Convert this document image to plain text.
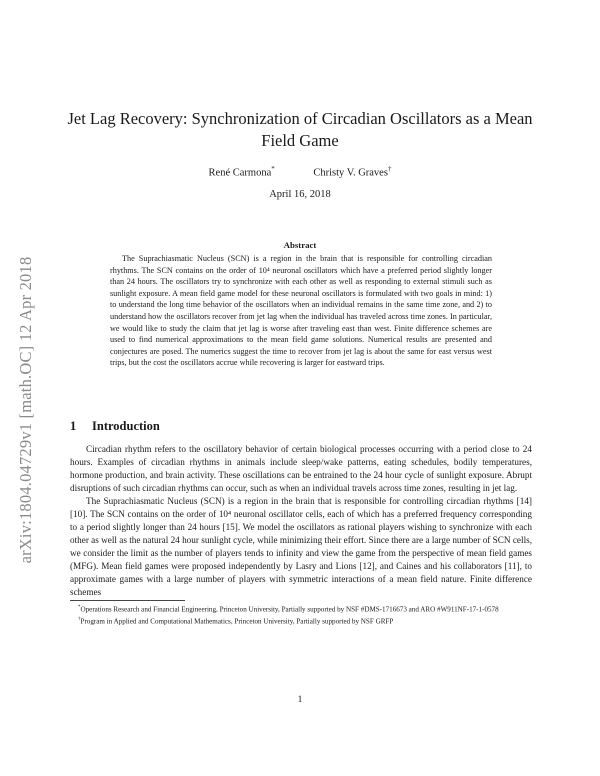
arXiv:1804.04729v1 [math.OC] 12 Apr 2018
Jet Lag Recovery: Synchronization of Circadian Oscillators as a Mean Field Game
René Carmona*	Christy V. Graves†
April 16, 2018
Abstract

The Suprachiasmatic Nucleus (SCN) is a region in the brain that is responsible for controlling circadian rhythms. The SCN contains on the order of 10⁴ neuronal oscillators which have a preferred period slightly longer than 24 hours. The oscillators try to synchronize with each other as well as responding to external stimuli such as sunlight exposure. A mean field game model for these neuronal oscillators is formulated with two goals in mind: 1) to understand the long time behavior of the oscillators when an individual remains in the same time zone, and 2) to understand how the oscillators recover from jet lag when the individual has traveled across time zones. In particular, we would like to study the claim that jet lag is worse after traveling east than west. Finite difference schemes are used to find numerical approximations to the mean field game solutions. Numerical results are presented and conjectures are posed. The numerics suggest the time to recover from jet lag is about the same for east versus west trips, but the cost the oscillators accrue while recovering is larger for eastward trips.

1 Introduction

Circadian rhythm refers to the oscillatory behavior of certain biological processes occurring with a period close to 24 hours. Examples of circadian rhythms in animals include sleep/wake patterns, eating schedules, bodily temperatures, hormone production, and brain activity. These oscillations can be entrained to the 24 hour cycle of sunlight exposure. Abrupt disruptions of such circadian rhythms can occur, such as when an individual travels across time zones, resulting in jet lag.

The Suprachiasmatic Nucleus (SCN) is a region in the brain that is responsible for controlling circadian rhythms [14][10]. The SCN contains on the order of 10⁴ neuronal oscillator cells, each of which has a preferred frequency corresponding to a period slightly longer than 24 hours [15]. We model the oscillators as rational players wishing to synchronize with each other as well as the natural 24 hour sunlight cycle, while minimizing their effort. Since there are a large number of SCN cells, we consider the limit as the number of players tends to infinity and view the game from the perspective of mean field games (MFG). Mean field games were proposed independently by Lasry and Lions [12], and Caines and his collaborators [11], to approximate games with a large number of players with symmetric interactions of a mean field nature. Finite difference schemes

*Operations Research and Financial Engineering, Princeton University, Partially supported by NSF #DMS-1716673 and ARO #W911NF-17-1-0578

†Program in Applied and Computational Mathematics, Princeton University, Partially supported by NSF GRFP

1
